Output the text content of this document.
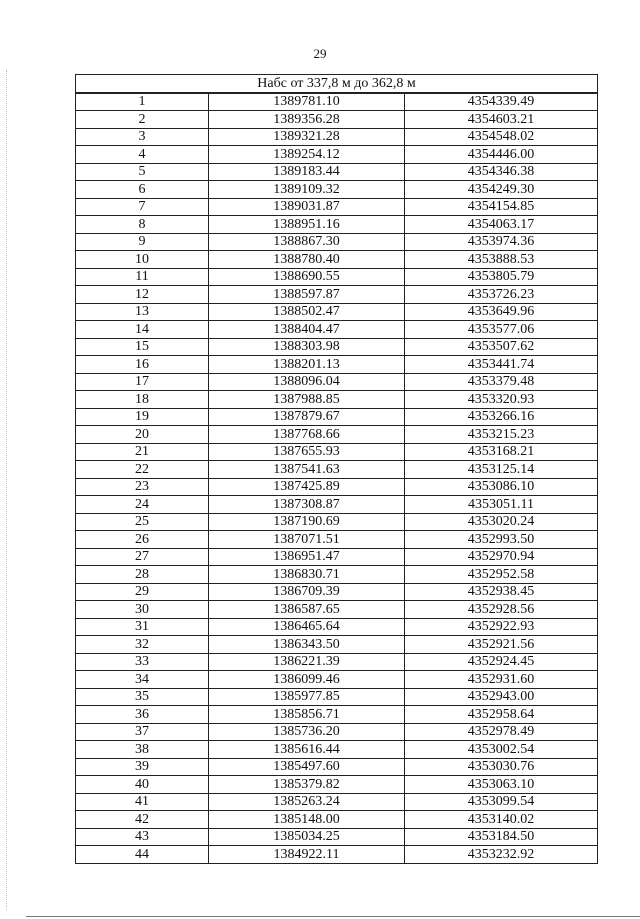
29
Набс от 337,8 м до 362,8 м		
1	1389781.10	4354339.49
2	1389356.28	4354603.21
3	1389321.28	4354548.02
4	1389254.12	4354446.00
5	1389183.44	4354346.38
6	1389109.32	4354249.30
7	1389031.87	4354154.85
8	1388951.16	4354063.17
9	1388867.30	4353974.36
10	1388780.40	4353888.53
11	1388690.55	4353805.79
12	1388597.87	4353726.23
13	1388502.47	4353649.96
14	1388404.47	4353577.06
15	1388303.98	4353507.62
16	1388201.13	4353441.74
17	1388096.04	4353379.48
18	1387988.85	4353320.93
19	1387879.67	4353266.16
20	1387768.66	4353215.23
21	1387655.93	4353168.21
22	1387541.63	4353125.14
23	1387425.89	4353086.10
24	1387308.87	4353051.11
25	1387190.69	4353020.24
26	1387071.51	4352993.50
27	1386951.47	4352970.94
28	1386830.71	4352952.58
29	1386709.39	4352938.45
30	1386587.65	4352928.56
31	1386465.64	4352922.93
32	1386343.50	4352921.56
33	1386221.39	4352924.45
34	1386099.46	4352931.60
35	1385977.85	4352943.00
36	1385856.71	4352958.64
37	1385736.20	4352978.49
38	1385616.44	4353002.54
39	1385497.60	4353030.76
40	1385379.82	4353063.10
41	1385263.24	4353099.54
42	1385148.00	4353140.02
43	1385034.25	4353184.50
44	1384922.11	4353232.92
